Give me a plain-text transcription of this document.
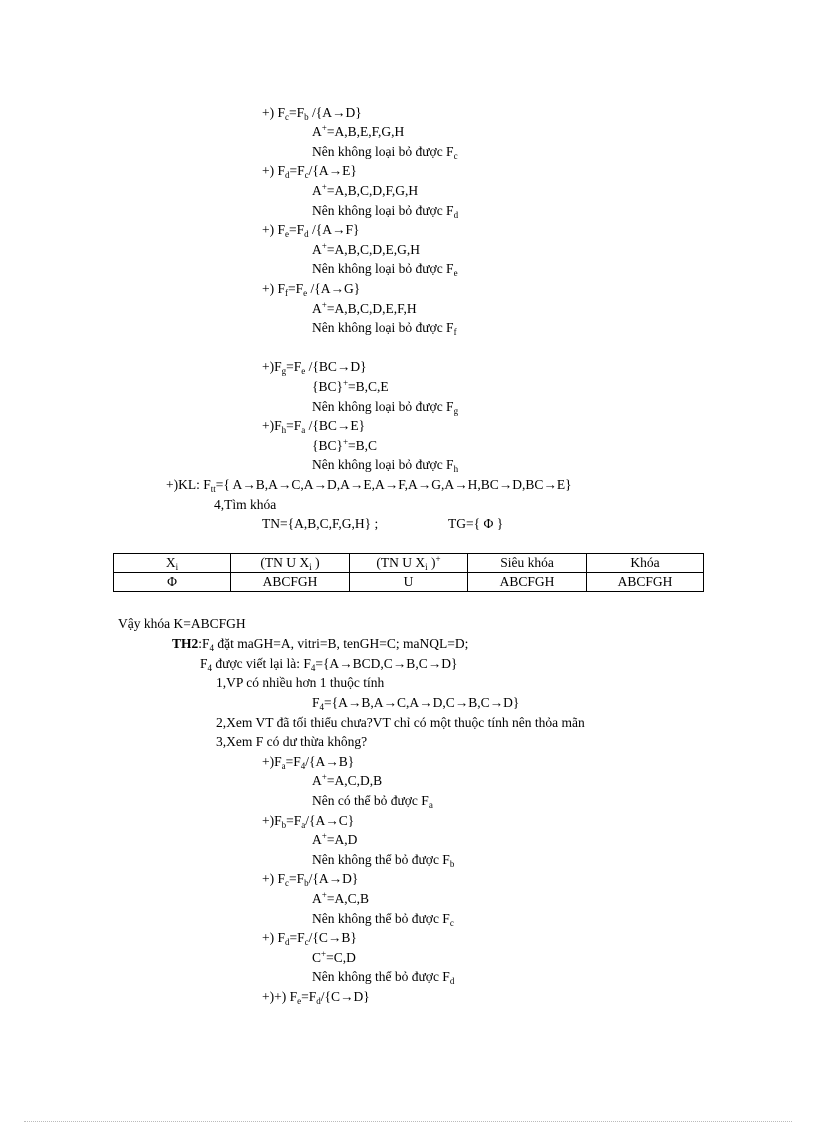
+) $F_c=F_b$ /{A→D}
A+=A,B,E,F,G,H
Nên không loại bỏ được $F_c$
+) $F_d=F_c/\{A\to E\}$
A+=A,B,C,D,F,G,H
Nên không loại bỏ được $F_d$
+) $F_e=F_d$ /{A→F}
A+=A,B,C,D,E,G,H
Nên không loại bỏ được $F_e$
+) $F_f=F_e$ /{A→G}
A+=A,B,C,D,E,F,H
Nên không loại bỏ được $F_f$
$+)F_g=F_e$ /{BC→D}
{BC}+=B,C,E
Nên không loại bỏ được $F_g$
$+)F_h=F_a$ /{BC→E}
{BC}+=B,C
Nên không loại bỏ được $F_h$
+)KL: $F_{tt}=${ A→B,A→C,A→D,A→E,A→F,A→G,A→H,BC→D,BC→E}
4,Tìm khóa
TN={A,B,C,F,G,H} ;	TG={ Φ }
$X_i$	(TN U $X_i$ )	(TN U $X_i$ )+	Siêu khóa	Khóa
Φ	ABCFGH	U	ABCFGH	ABCFGH
Vậy khóa K=ABCFGH
$TH2:F_4$ đặt maGH=A, vitri=B, tenGH=C; maNQL=D;
$F_4$ được viết lại là: $F_4=\{A\to BCD,C\to B,C\to D\}$
1,VP có nhiều hơn 1 thuộc tính
$F_4=\{A\to B,A\to C,A\to D,C\to B,C\to D\}$
2,Xem VT đã tối thiểu chưa?VT chỉ có một thuộc tính nên thỏa mãn
3,Xem F có dư thừa không?
$+)F_a=F_4/\{A\to B\}$
A+=A,C,D,B
Nên có thể bỏ được $F_a$
$+)F_b=F_a/\{A\to C\}$
A+=A,D
Nên không thể bỏ được $F_b$
+) $F_c=F_b/\{A\to D\}$
A+=A,C,B
Nên không thể bỏ được $F_c$
+) $F_d=F_c/\{C\to B\}$
C+=C,D
Nên không thể bỏ được $F_d$
+)+) $F_e=F_d/\{C\to D\}$
